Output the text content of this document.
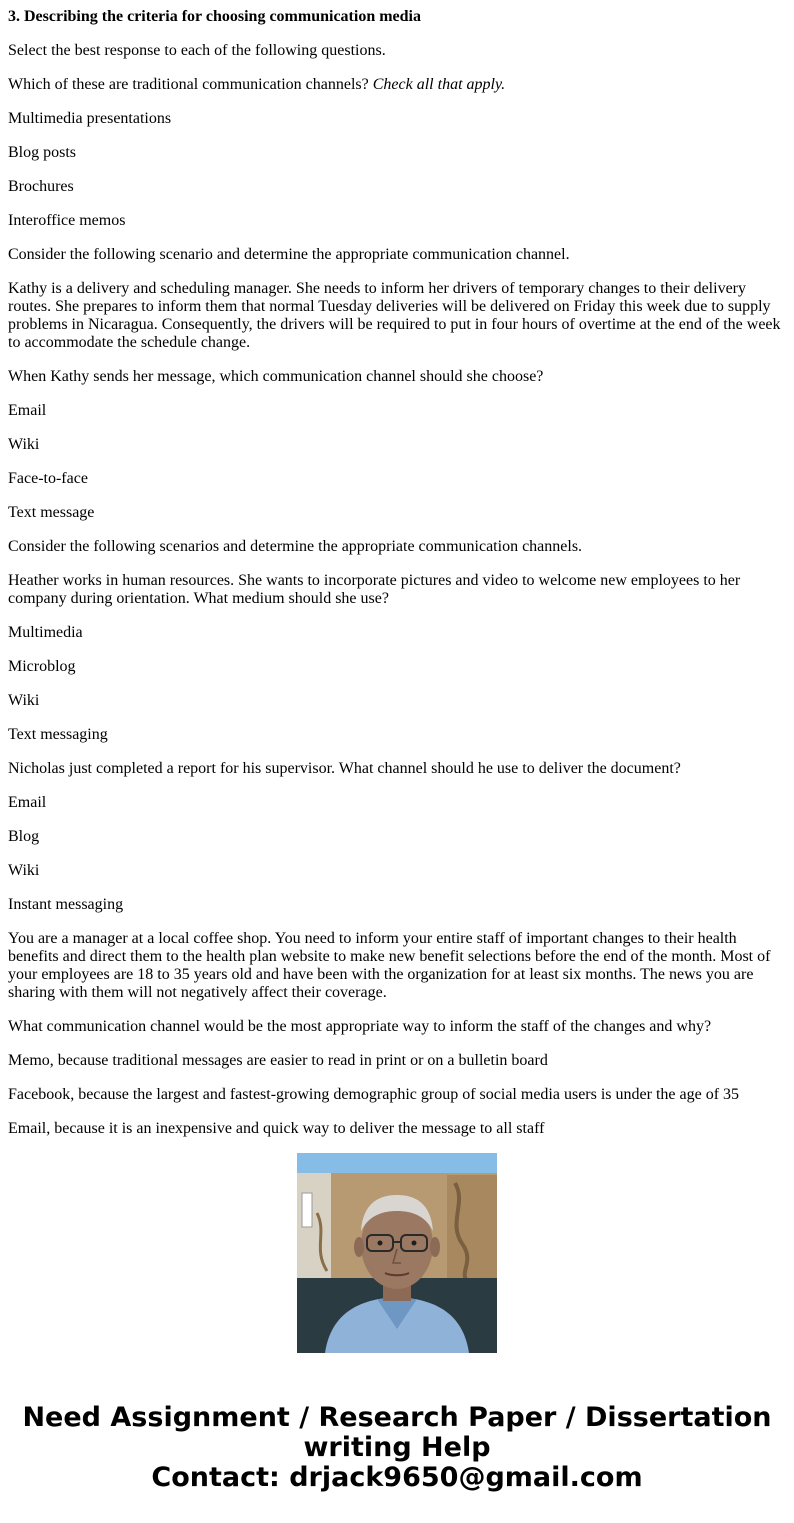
3. Describing the criteria for choosing communication media

Select the best response to each of the following questions.

Which of these are traditional communication channels? Check all that apply.

Multimedia presentations

Blog posts

Brochures

Interoffice memos

Consider the following scenario and determine the appropriate communication channel.

Kathy is a delivery and scheduling manager. She needs to inform her drivers of temporary changes to their delivery routes. She prepares to inform them that normal Tuesday deliveries will be delivered on Friday this week due to supply problems in Nicaragua. Consequently, the drivers will be required to put in four hours of overtime at the end of the week to accommodate the schedule change.

When Kathy sends her message, which communication channel should she choose?

Email

Wiki

Face-to-face

Text message

Consider the following scenarios and determine the appropriate communication channels.

Heather works in human resources. She wants to incorporate pictures and video to welcome new employees to her company during orientation. What medium should she use?

Multimedia

Microblog

Wiki

Text messaging

Nicholas just completed a report for his supervisor. What channel should he use to deliver the document?

Email

Blog

Wiki

Instant messaging

You are a manager at a local coffee shop. You need to inform your entire staff of important changes to their health benefits and direct them to the health plan website to make new benefit selections before the end of the month. Most of your employees are 18 to 35 years old and have been with the organization for at least six months. The news you are sharing with them will not negatively affect their coverage.

What communication channel would be the most appropriate way to inform the staff of the changes and why?

Memo, because traditional messages are easier to read in print or on a bulletin board

Facebook, because the largest and fastest-growing demographic group of social media users is under the age of 35

Email, because it is an inexpensive and quick way to deliver the message to all staff

Need Assignment / Research Paper / Dissertation
writing Help
Contact: drjack9650@gmail.com
